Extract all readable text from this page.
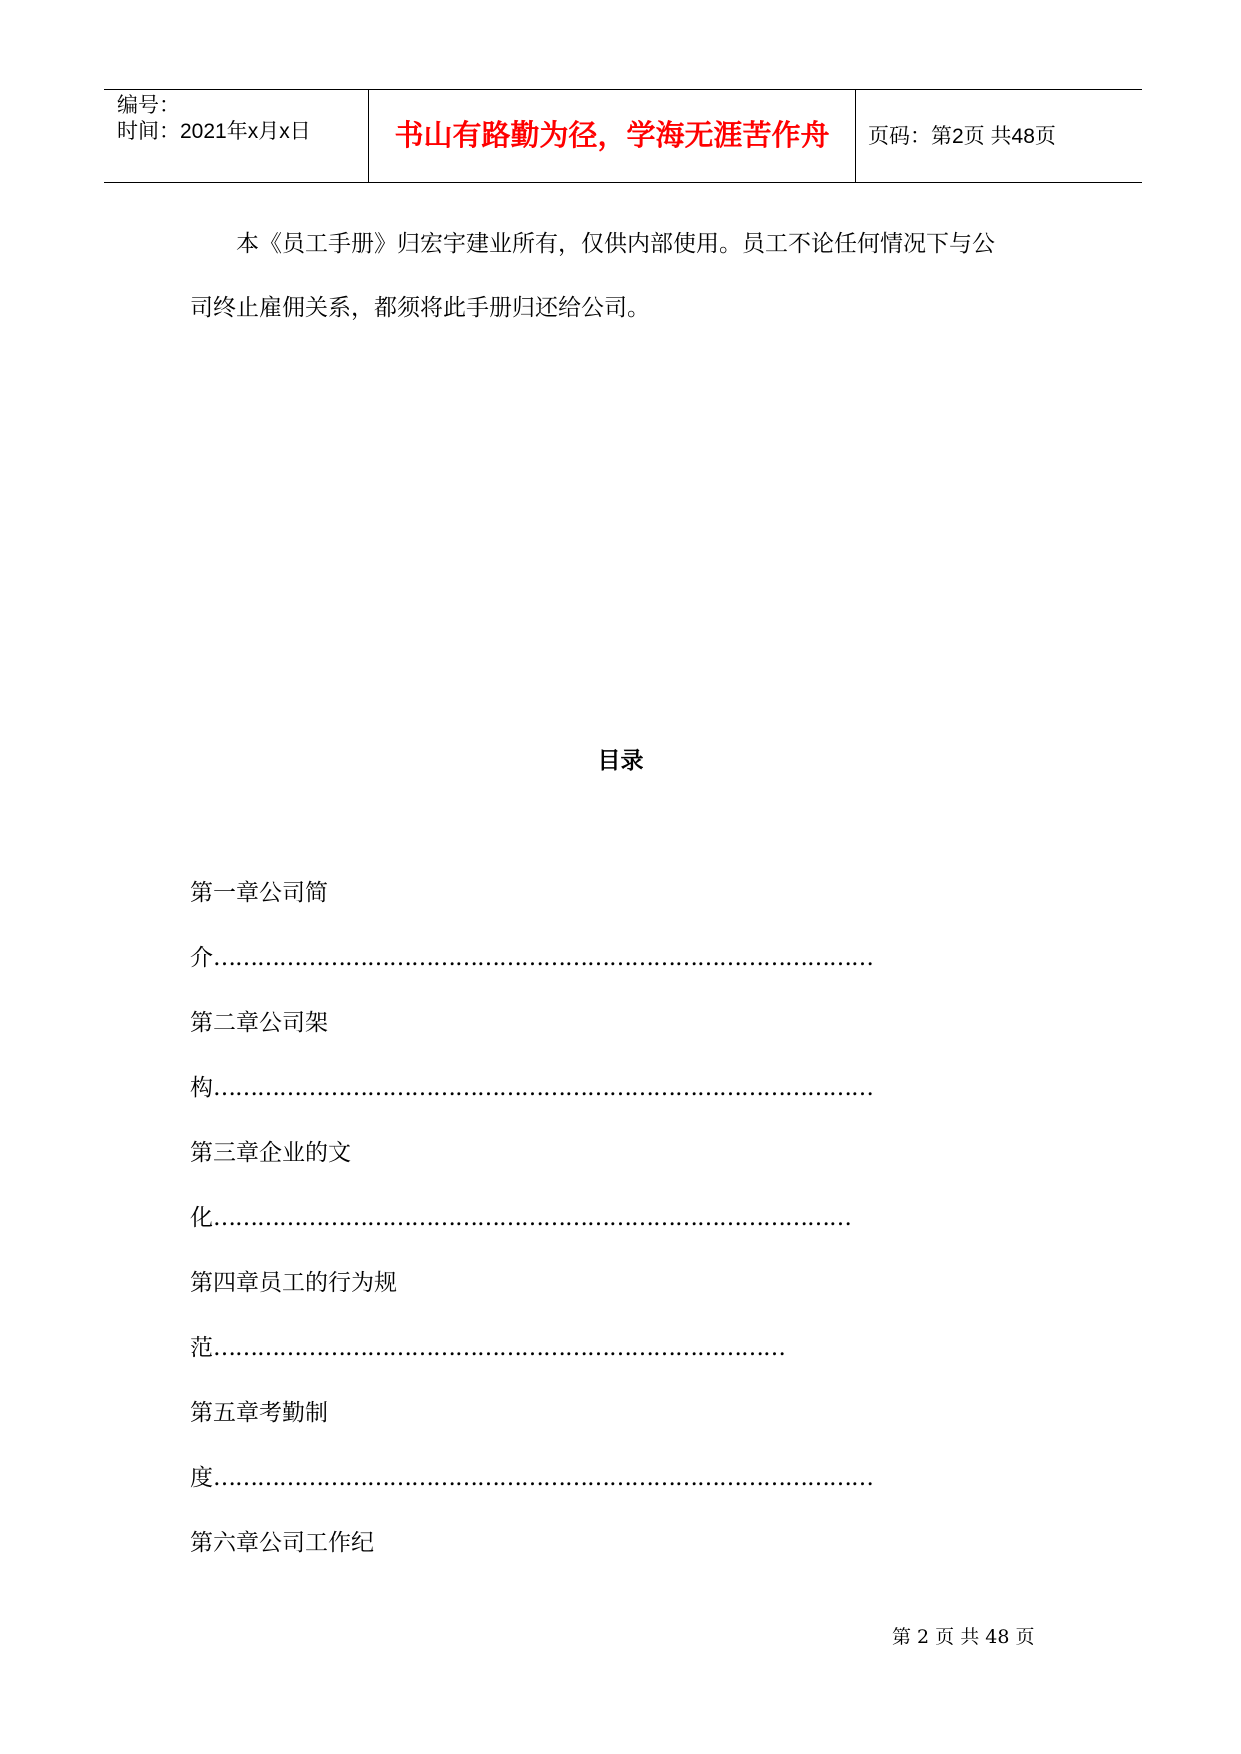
编号：
时间：2021年x月x日	书山有路勤为径，学海无涯苦作舟	页码：第2页 共48页
本《员工手册》归宏宇建业所有，仅供内部使用。员工不论任何情况下与公
司终止雇佣关系，都须将此手册归还给公司。
目录
第一章公司简
介………………………………………………………………………………
第二章公司架
构………………………………………………………………………………
第三章企业的文
化……………………………………………………………………………
第四章员工的行为规
范……………………………………………………………………
第五章考勤制
度………………………………………………………………………………
第六章公司工作纪
第 2 页 共 48 页
